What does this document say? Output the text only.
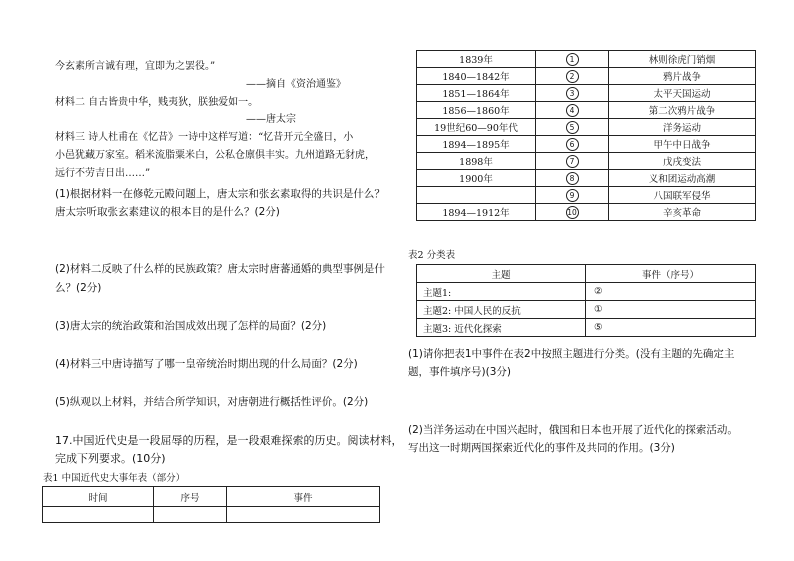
今玄素所言诚有理，宜即为之罢役。”
——摘自《资治通鉴》
材料二 自古皆贵中华，贱夷狄，朕独爱如一。
——唐太宗
材料三 诗人杜甫在《忆昔》一诗中这样写道：“忆昔开元全盛日，小
小邑犹藏万家室。稻米流脂粟米白，公私仓廪俱丰实。九州道路无豺虎，
远行不劳吉日出……”
(1)根据材料一在修乾元殿问题上，唐太宗和张玄素取得的共识是什么？
唐太宗听取张玄素建议的根本目的是什么？(2分)
(2)材料二反映了什么样的民族政策？唐太宗时唐蕃通婚的典型事例是什
么？(2分)
(3)唐太宗的统治政策和治国成效出现了怎样的局面？(2分)
(4)材料三中唐诗描写了哪一皇帝统治时期出现的什么局面？(2分)
(5)纵观以上材料，并结合所学知识，对唐朝进行概括性评价。(2分)
17.中国近代史是一段屈辱的历程，是一段艰难探索的历史。阅读材料，
完成下列要求。(10分)
表1 中国近代史大事年表（部分）
时间	序号	事件

1839年	1	林则徐虎门销烟
1840—1842年	2	鸦片战争
1851—1864年	3	太平天国运动
1856—1860年	4	第二次鸦片战争
19世纪60—90年代	5	洋务运动
1894—1895年	6	甲午中日战争
1898年	7	戊戌变法
1900年	8	义和团运动高潮
	9	八国联军侵华
1894—1912年	10	辛亥革命
表2 分类表
主题	事件（序号）
主题1:	②
主题2: 中国人民的反抗	①
主题3: 近代化探索	⑤
(1)请你把表1中事件在表2中按照主题进行分类。(没有主题的先确定主
题，事件填序号)(3分)
(2)当洋务运动在中国兴起时，俄国和日本也开展了近代化的探索活动。
写出这一时期两国探索近代化的事件及共同的作用。(3分)
